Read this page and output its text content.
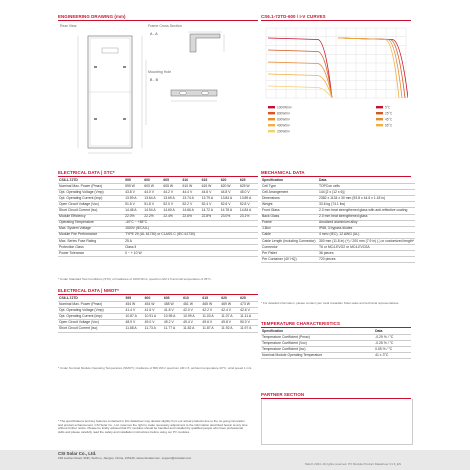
ENGINEERING DRAWING (mm)
Rear View	Frame Cross Section
A - A
Mounting Hole
B - B
CS6.1-72TD-600 / I-V CURVES
1000W/m²
800W/m²
600W/m²
400W/m²
200W/m²
5°C
25°C
45°C
65°C
ELECTRICAL DATA | STC*
CS6.1-72TD	595	600	605	610	615	620	625
Nominal Max. Power (Pmax)	595 W	600 W	605 W	610 W	615 W	620 W	625 W
Opt. Operating Voltage (Vmp)	43.8 V	44.0 V	44.2 V	44.4 V	44.6 V	44.8 V	45.0 V
Opt. Operating Current (Imp)	13.59 A	13.64 A	13.69 A	13.74 A	13.79 A	13.84 A	13.89 A
Open Circuit Voltage (Voc)	51.6 V	51.8 V	52.0 V	52.2 V	52.4 V	52.6 V	52.8 V
Short Circuit Current (Isc)	14.48 A	14.54 A	14.60 A	14.66 A	14.72 A	14.78 A	14.84 A
Module Efficiency	22.0%	22.2%	22.4%	22.6%	22.8%	23.0%	23.1%
Operating Temperature	-40°C ~ +85°C						
Max. System Voltage	1500V (IEC/UL)						
Module Fire Performance	TYPE 29 (UL 61730) or CLASS C (IEC 61730)						
Max. Series Fuse Rating	25 A						
Protection Class	Class II						
Power Tolerance	0 ~ + 10 W						
* Under Standard Test Conditions (STC) of irradiance of 1000 W/m², spectrum AM 1.5 and cell temperature of 25°C.
ELECTRICAL DATA | NMOT*
CS6.1-72TD	595	600	605	610	615	620	625
Nominal Max. Power (Pmax)	454 W	454 W	458 W	461 W	465 W	469 W	473 W
Opt. Operating Voltage (Vmp)	41.4 V	41.6 V	41.8 V	42.0 V	42.2 V	42.4 V	42.6 V
Opt. Operating Current (Imp)	10.87 A	10.91 A	10.95 A	10.99 A	11.03 A	11.07 A	11.11 A
Open Circuit Voltage (Voc)	48.9 V	49.0 V	49.2 V	49.4 V	49.6 V	49.8 V	50.0 V
Short Circuit Current (Isc)	11.68 A	11.73 A	11.77 A	11.82 A	11.87 A	11.92 A	11.97 A
* Under Nominal Module Operating Temperature (NMOT), irradiance of 800 W/m² spectrum AM 1.5, ambient temperature 20°C, wind speed 1 m/s.
MECHANICAL DATA
Specification	Data
Cell Type	TOPCon cells
Cell Arrangement	144 [2 x (12 x 6)]
Dimensions	2382 x 1134 x 30 mm (93.8 x 44.6 x 1.18 in)
Weight	33.6 kg (74.1 lbs)
Front Glass	2.0 mm heat strengthened glass with anti-reflective coating
Back Glass	2.0 mm heat strengthened glass
Frame	Anodized aluminium alloy
J-Box	IP68, 3 bypass diodes
Cable	4 mm² (IEC), 12 AWG (UL)
Cable Length (Including Connector)	300 mm (11.8 in) (+) / 200 mm (7.9 in) (-) or customized length*
Connector	T6 or MC4-EVO2 or MC4-EVO2A
Per Pallet	36 pieces
Per Container (40' HQ)	720 pieces
* For detailed information, please contact your local Canadian Solar sales and technical representatives.
TEMPERATURE CHARACTERISTICS
Specification	Data
Temperature Coefficient (Pmax)	-0.29 % / °C
Temperature Coefficient (Voc)	-0.25 % / °C
Temperature Coefficient (Isc)	0.05 % / °C
Nominal Module Operating Temperature	41 ± 3°C
PARTNER SECTION
* The specifications and key features contained in this datasheet may deviate slightly from our actual products due to the on-going innovation and product enhancement. CSI Solar Co., Ltd. reserves the right to make necessary adjustment to the information described herein at any time without further notice. Please be kindly advised that PV modules should be handled and installed by qualified people who have professional skills and please carefully read the safety and installation instructions before using our PV modules.
CSI Solar Co., Ltd.
199 Lushan Road, SND, Suzhou, Jiangsu, China, 215129, www.csisolar.com, support@csisolar.com
March 2024. All rights reserved. PV Module Product Datasheet V1.6_EN
